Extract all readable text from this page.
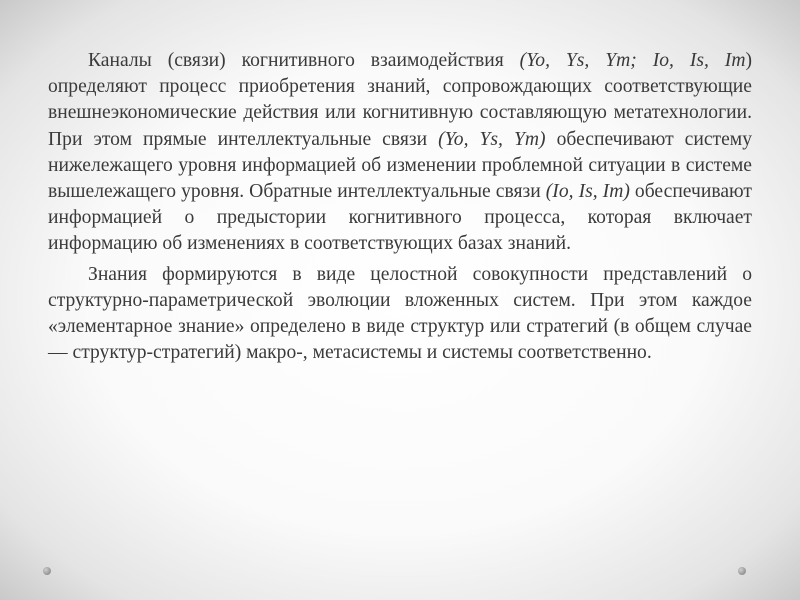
Каналы (связи) когнитивного взаимодействия (Yo, Ys, Ym; Io, Is, Im) определяют процесс приобретения знаний, сопровождающих соответствующие внешнеэкономические действия или когнитивную составляющую метатехнологии. При этом прямые интеллектуальные связи (Yo, Ys, Ym) обеспечивают систему нижележащего уровня информацией об изменении проблемной ситуации в системе вышележащего уровня. Обратные интеллектуальные связи (Io, Is, Im) обеспечивают информацией о предыстории когнитивного процесса, которая включает информацию об изменениях в соответствующих базах знаний.

Знания формируются в виде целостной совокупности представлений о структурно-параметрической эволюции вложенных систем. При этом каждое «элементарное знание» определено в виде структур или стратегий (в общем случае — структур-стратегий) макро-, метасистемы и системы соответственно.
